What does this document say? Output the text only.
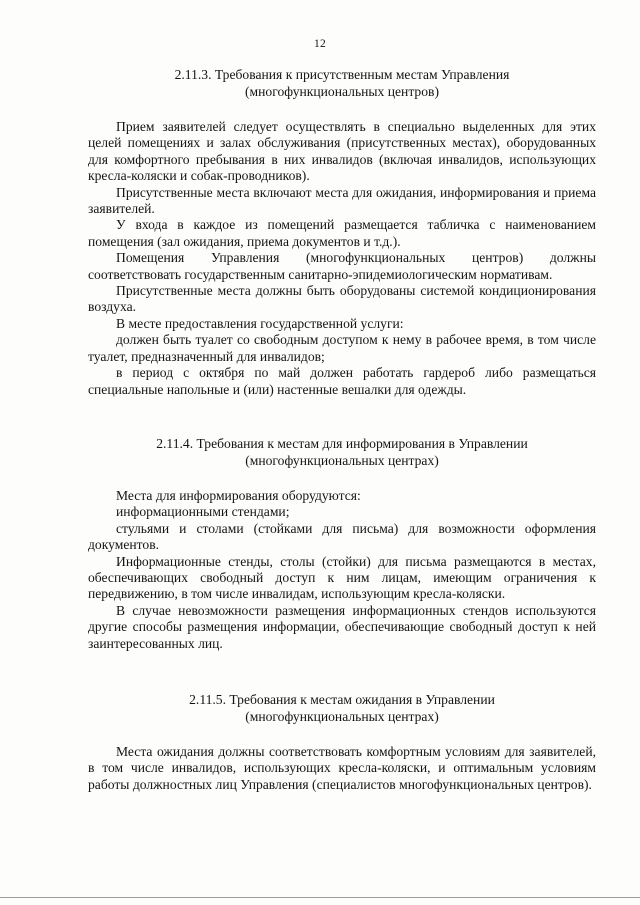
12
2.11.3. Требования к присутственным местам Управления
(многофункциональных центров)

Прием заявителей следует осуществлять в специально выделенных для этих целей помещениях и залах обслуживания (присутственных местах), оборудованных для комфортного пребывания в них инвалидов (включая инвалидов, использующих кресла-коляски и собак-проводников).

Присутственные места включают места для ожидания, информирования и приема заявителей.

У входа в каждое из помещений размещается табличка с наименованием помещения (зал ожидания, приема документов и т.д.).

Помещения Управления (многофункциональных центров) должны соответствовать государственным санитарно-эпидемиологическим нормативам.

Присутственные места должны быть оборудованы системой кондиционирования воздуха.

В месте предоставления государственной услуги:

должен быть туалет со свободным доступом к нему в рабочее время, в том числе туалет, предназначенный для инвалидов;

в период с октября по май должен работать гардероб либо размещаться специальные напольные и (или) настенные вешалки для одежды.

2.11.4. Требования к местам для информирования в Управлении
(многофункциональных центрах)

Места для информирования оборудуются:

информационными стендами;

стульями и столами (стойками для письма) для возможности оформления документов.

Информационные стенды, столы (стойки) для письма размещаются в местах, обеспечивающих свободный доступ к ним лицам, имеющим ограничения к передвижению, в том числе инвалидам, использующим кресла-коляски.

В случае невозможности размещения информационных стендов используются другие способы размещения информации, обеспечивающие свободный доступ к ней заинтересованных лиц.

2.11.5. Требования к местам ожидания в Управлении
(многофункциональных центрах)

Места ожидания должны соответствовать комфортным условиям для заявителей, в том числе инвалидов, использующих кресла-коляски, и оптимальным условиям работы должностных лиц Управления (специалистов многофункциональных центров).
